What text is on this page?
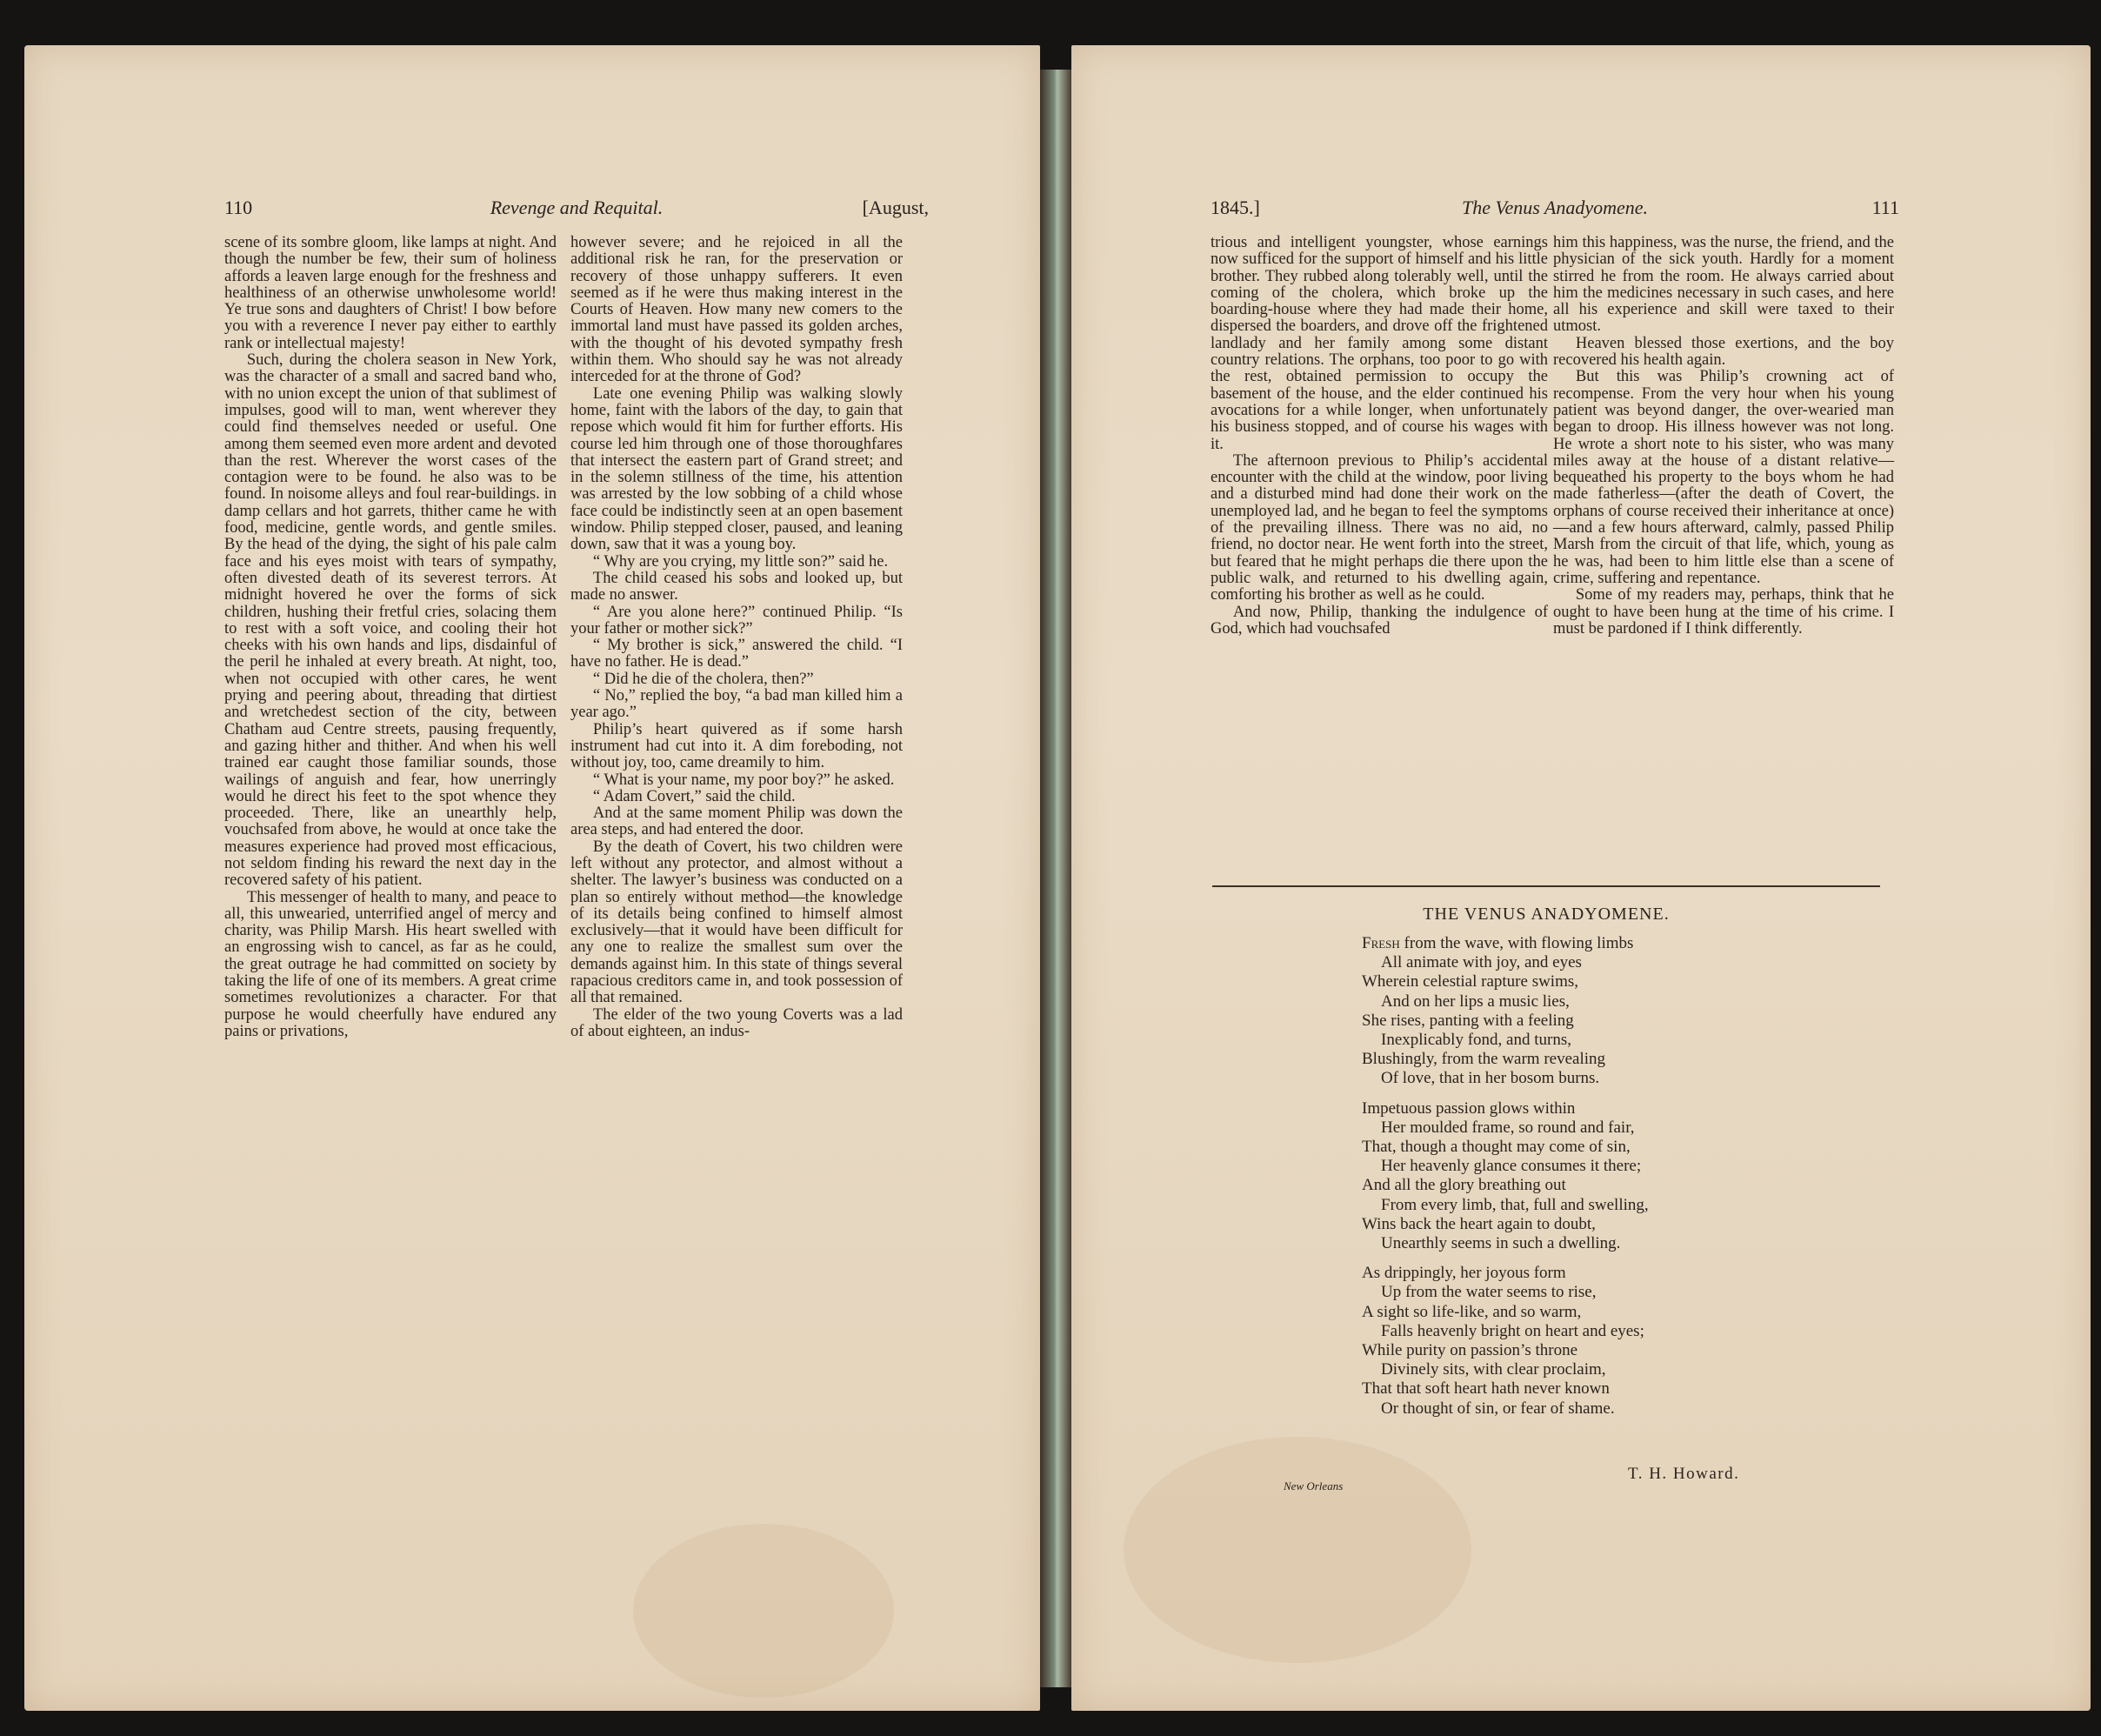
110	Revenge and Requital.	[August,

scene of its sombre gloom, like lamps at night. And though the number be few, their sum of holiness affords a leaven large enough for the freshness and healthiness of an otherwise unwholesome world! Ye true sons and daughters of Christ! I bow before you with a reverence I never pay either to earthly rank or intellectual majesty!

Such, during the cholera season in New York, was the character of a small and sacred band who, with no union except the union of that sublimest of impulses, good will to man, went wherever they could find themselves needed or useful. One among them seemed even more ardent and devoted than the rest. Wherever the worst cases of the contagion were to be found. he also was to be found. In noisome alleys and foul rear-buildings. in damp cellars and hot garrets, thither came he with food, medicine, gentle words, and gentle smiles. By the head of the dying, the sight of his pale calm face and his eyes moist with tears of sympathy, often divested death of its severest terrors. At midnight hovered he over the forms of sick children, hushing their fretful cries, solacing them to rest with a soft voice, and cooling their hot cheeks with his own hands and lips, disdainful of the peril he inhaled at every breath. At night, too, when not occupied with other cares, he went prying and peering about, threading that dirtiest and wretchedest section of the city, between Chatham aud Centre streets, pausing frequently, and gazing hither and thither. And when his well trained ear caught those familiar sounds, those wailings of anguish and fear, how unerringly would he direct his feet to the spot whence they proceeded. There, like an unearthly help, vouchsafed from above, he would at once take the measures experience had proved most efficacious, not seldom finding his reward the next day in the recovered safety of his patient.

This messenger of health to many, and peace to all, this unwearied, unterrified angel of mercy and charity, was Philip Marsh. His heart swelled with an engrossing wish to cancel, as far as he could, the great outrage he had committed on society by taking the life of one of its members. A great crime sometimes revolutionizes a character. For that purpose he would cheerfully have endured any pains or privations,

however severe; and he rejoiced in all the additional risk he ran, for the preservation or recovery of those unhappy sufferers. It even seemed as if he were thus making interest in the Courts of Heaven. How many new comers to the immortal land must have passed its golden arches, with the thought of his devoted sympathy fresh within them. Who should say he was not already interceded for at the throne of God?

Late one evening Philip was walking slowly home, faint with the labors of the day, to gain that repose which would fit him for further efforts. His course led him through one of those thoroughfares that intersect the eastern part of Grand street; and in the solemn stillness of the time, his attention was arrested by the low sobbing of a child whose face could be indistinctly seen at an open basement window. Philip stepped closer, paused, and leaning down, saw that it was a young boy.

“ Why are you crying, my little son?” said he.

The child ceased his sobs and looked up, but made no answer.

“ Are you alone here?” continued Philip. “Is your father or mother sick?”

“ My brother is sick,” answered the child. “I have no father. He is dead.”

“ Did he die of the cholera, then?”

“ No,” replied the boy, “a bad man killed him a year ago.”

Philip’s heart quivered as if some harsh instrument had cut into it. A dim foreboding, not without joy, too, came dreamily to him.

“ What is your name, my poor boy?” he asked.

“ Adam Covert,” said the child.

And at the same moment Philip was down the area steps, and had entered the door.

By the death of Covert, his two children were left without any protector, and almost without a shelter. The lawyer’s business was conducted on a plan so entirely without method—the knowledge of its details being confined to himself almost exclusively—that it would have been difficult for any one to realize the smallest sum over the demands against him. In this state of things several rapacious creditors came in, and took possession of all that remained.

The elder of the two young Coverts was a lad of about eighteen, an indus-

1845.]	The Venus Anadyomene.	111

trious and intelligent youngster, whose earnings now sufficed for the support of himself and his little brother. They rubbed along tolerably well, until the coming of the cholera, which broke up the boarding-house where they had made their home, dispersed the boarders, and drove off the frightened landlady and her family among some distant country relations. The orphans, too poor to go with the rest, obtained permission to occupy the basement of the house, and the elder continued his avocations for a while longer, when unfortunately his business stopped, and of course his wages with it.

The afternoon previous to Philip’s accidental encounter with the child at the window, poor living and a disturbed mind had done their work on the unemployed lad, and he began to feel the symptoms of the prevailing illness. There was no aid, no friend, no doctor near. He went forth into the street, but feared that he might perhaps die there upon the public walk, and returned to his dwelling again, comforting his brother as well as he could.

And now, Philip, thanking the indulgence of God, which had vouchsafed

him this happiness, was the nurse, the friend, and the physician of the sick youth. Hardly for a moment stirred he from the room. He always carried about him the medicines necessary in such cases, and here all his experience and skill were taxed to their utmost.

Heaven blessed those exertions, and the boy recovered his health again.

But this was Philip’s crowning act of recompense. From the very hour when his young patient was beyond danger, the over-wearied man began to droop. His illness however was not long. He wrote a short note to his sister, who was many miles away at the house of a distant relative—bequeathed his property to the boys whom he had made fatherless—(after the death of Covert, the orphans of course received their inheritance at once)—and a few hours afterward, calmly, passed Philip Marsh from the circuit of that life, which, young as he was, had been to him little else than a scene of crime, suffering and repentance.

Some of my readers may, perhaps, think that he ought to have been hung at the time of his crime. I must be pardoned if I think differently.

THE VENUS ANADYOMENE.
Fresh from the wave, with flowing limbs
All animate with joy, and eyes
Wherein celestial rapture swims,
And on her lips a music lies,
She rises, panting with a feeling
Inexplicably fond, and turns,
Blushingly, from the warm revealing
Of love, that in her bosom burns.
Impetuous passion glows within
Her moulded frame, so round and fair,
That, though a thought may come of sin,
Her heavenly glance consumes it there;
And all the glory breathing out
From every limb, that, full and swelling,
Wins back the heart again to doubt,
Unearthly seems in such a dwelling.
As drippingly, her joyous form
Up from the water seems to rise,
A sight so life-like, and so warm,
Falls heavenly bright on heart and eyes;
While purity on passion’s throne
Divinely sits, with clear proclaim,
That that soft heart hath never known
Or thought of sin, or fear of shame.
New Orleans
T. H. Howard.
